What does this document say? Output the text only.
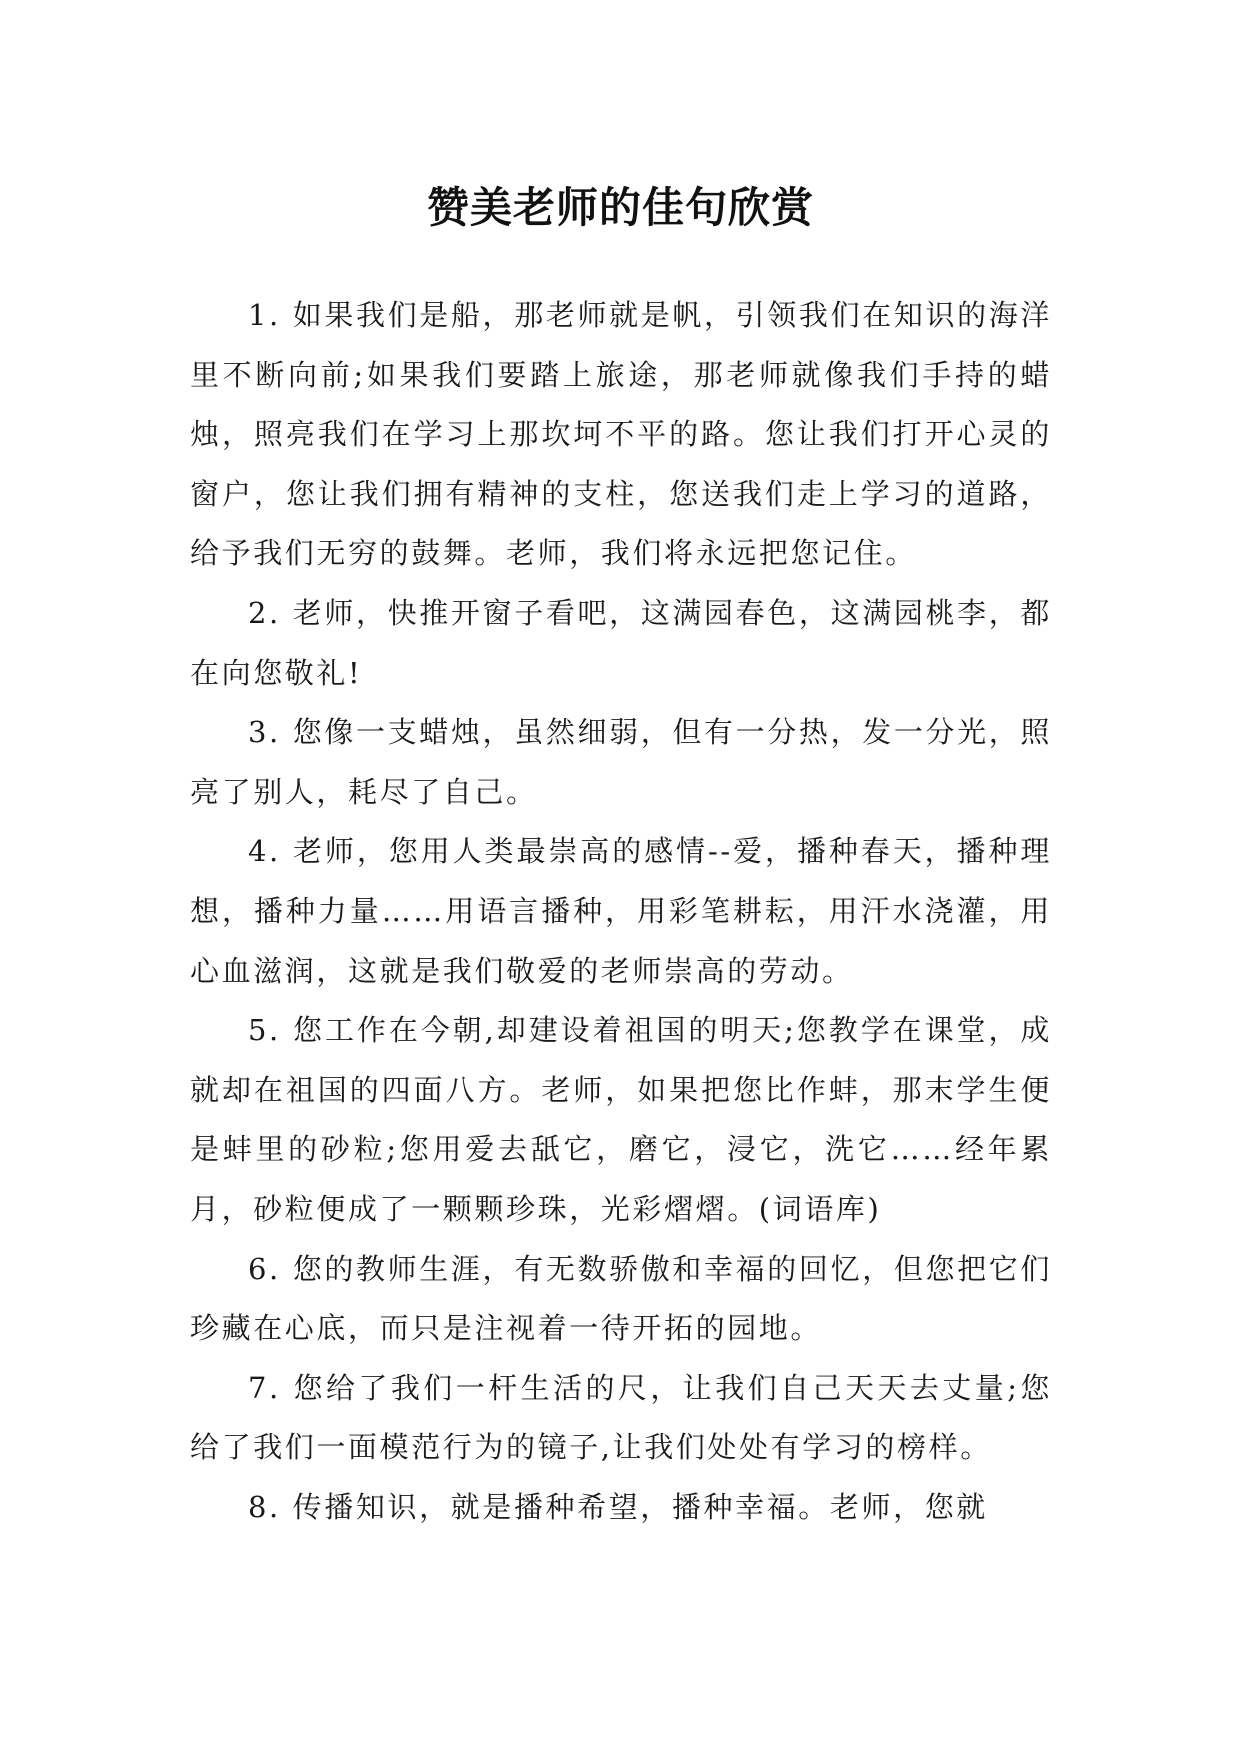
赞美老师的佳句欣赏

1. 如果我们是船，那老师就是帆，引领我们在知识的海洋里不断向前;如果我们要踏上旅途，那老师就像我们手持的蜡烛，照亮我们在学习上那坎坷不平的路。您让我们打开心灵的窗户，您让我们拥有精神的支柱，您送我们走上学习的道路，给予我们无穷的鼓舞。老师，我们将永远把您记住。

2. 老师，快推开窗子看吧，这满园春色，这满园桃李，都在向您敬礼!

3. 您像一支蜡烛，虽然细弱，但有一分热，发一分光，照亮了别人，耗尽了自己。

4. 老师，您用人类最崇高的感情--爱，播种春天，播种理想，播种力量……用语言播种，用彩笔耕耘，用汗水浇灌，用心血滋润，这就是我们敬爱的老师崇高的劳动。

5. 您工作在今朝,却建设着祖国的明天;您教学在课堂，成就却在祖国的四面八方。老师，如果把您比作蚌，那末学生便是蚌里的砂粒;您用爱去舐它，磨它，浸它，洗它……经年累月，砂粒便成了一颗颗珍珠，光彩熠熠。(词语库)

6. 您的教师生涯，有无数骄傲和幸福的回忆，但您把它们珍藏在心底，而只是注视着一待开拓的园地。

7. 您给了我们一杆生活的尺，让我们自己天天去丈量;您给了我们一面模范行为的镜子,让我们处处有学习的榜样。

8. 传播知识，就是播种希望，播种幸福。老师，您就
